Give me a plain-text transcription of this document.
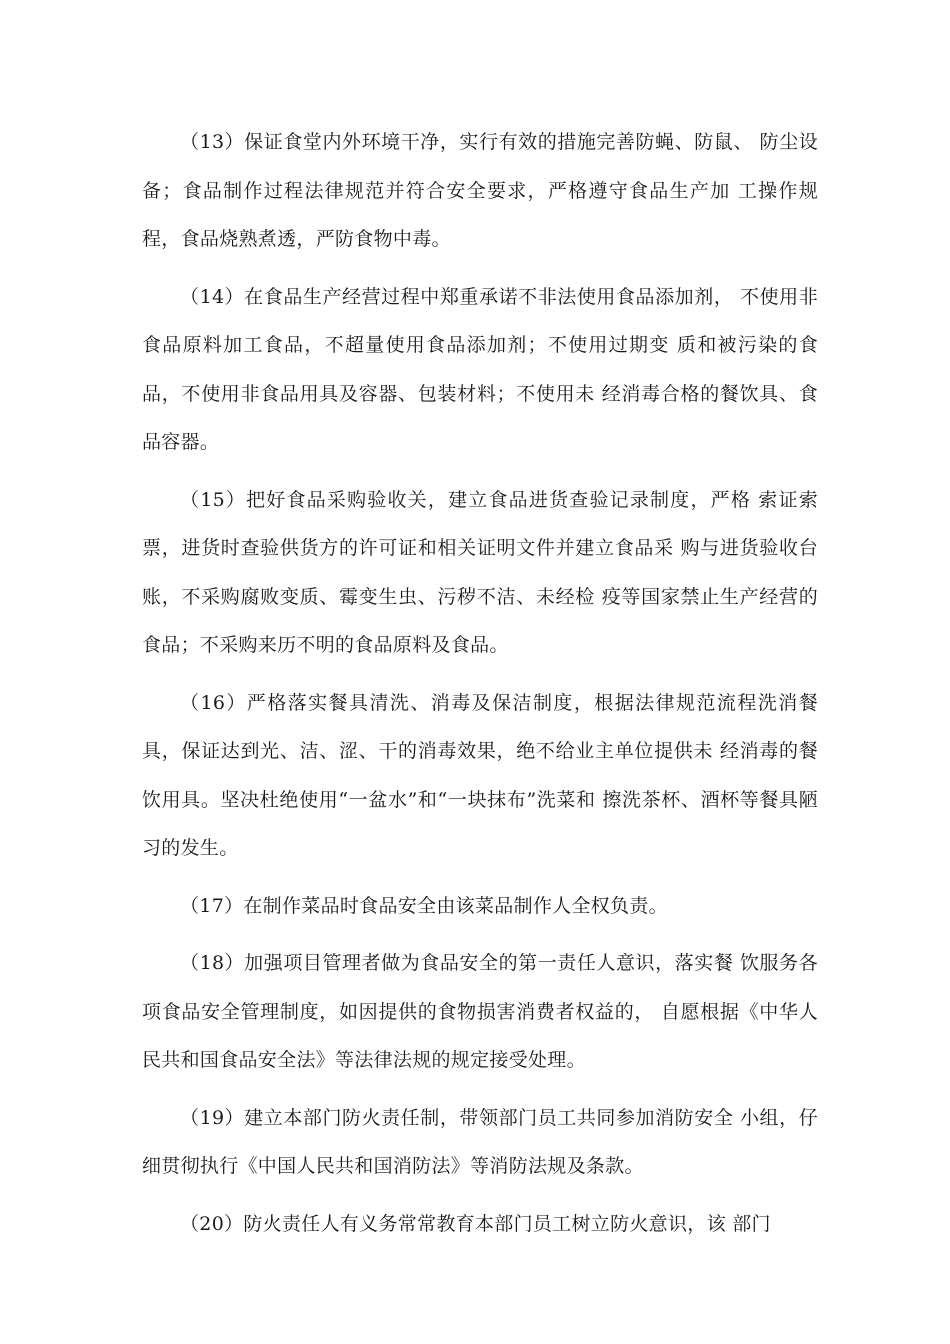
（13）保证食堂内外环境干净，实行有效的措施完善防蝇、防鼠、 防尘设备；食品制作过程法律规范并符合安全要求，严格遵守食品生产加 工操作规程，食品烧熟煮透，严防食物中毒。

（14）在食品生产经营过程中郑重承诺不非法使用食品添加剂， 不使用非食品原料加工食品，不超量使用食品添加剂；不使用过期变 质和被污染的食品，不使用非食品用具及容器、包装材料；不使用未 经消毒合格的餐饮具、食品容器。

（15）把好食品采购验收关，建立食品进货查验记录制度，严格 索证索票，进货时查验供货方的许可证和相关证明文件并建立食品采 购与进货验收台账，不采购腐败变质、霉变生虫、污秽不洁、未经检 疫等国家禁止生产经营的食品；不采购来历不明的食品原料及食品。

（16）严格落实餐具清洗、消毒及保洁制度，根据法律规范流程洗消餐具，保证达到光、洁、涩、干的消毒效果，绝不给业主单位提供未 经消毒的餐饮用具。坚决杜绝使用“一盆水”和“一块抹布”洗菜和 擦洗茶杯、酒杯等餐具陋习的发生。

（17）在制作菜品时食品安全由该菜品制作人全权负责。

（18）加强项目管理者做为食品安全的第一责任人意识，落实餐 饮服务各项食品安全管理制度，如因提供的食物损害消费者权益的， 自愿根据《中华人民共和国食品安全法》等法律法规的规定接受处理。

（19）建立本部门防火责任制，带领部门员工共同参加消防安全 小组，仔细贯彻执行《中国人民共和国消防法》等消防法规及条款。

（20）防火责任人有义务常常教育本部门员工树立防火意识，该 部门
